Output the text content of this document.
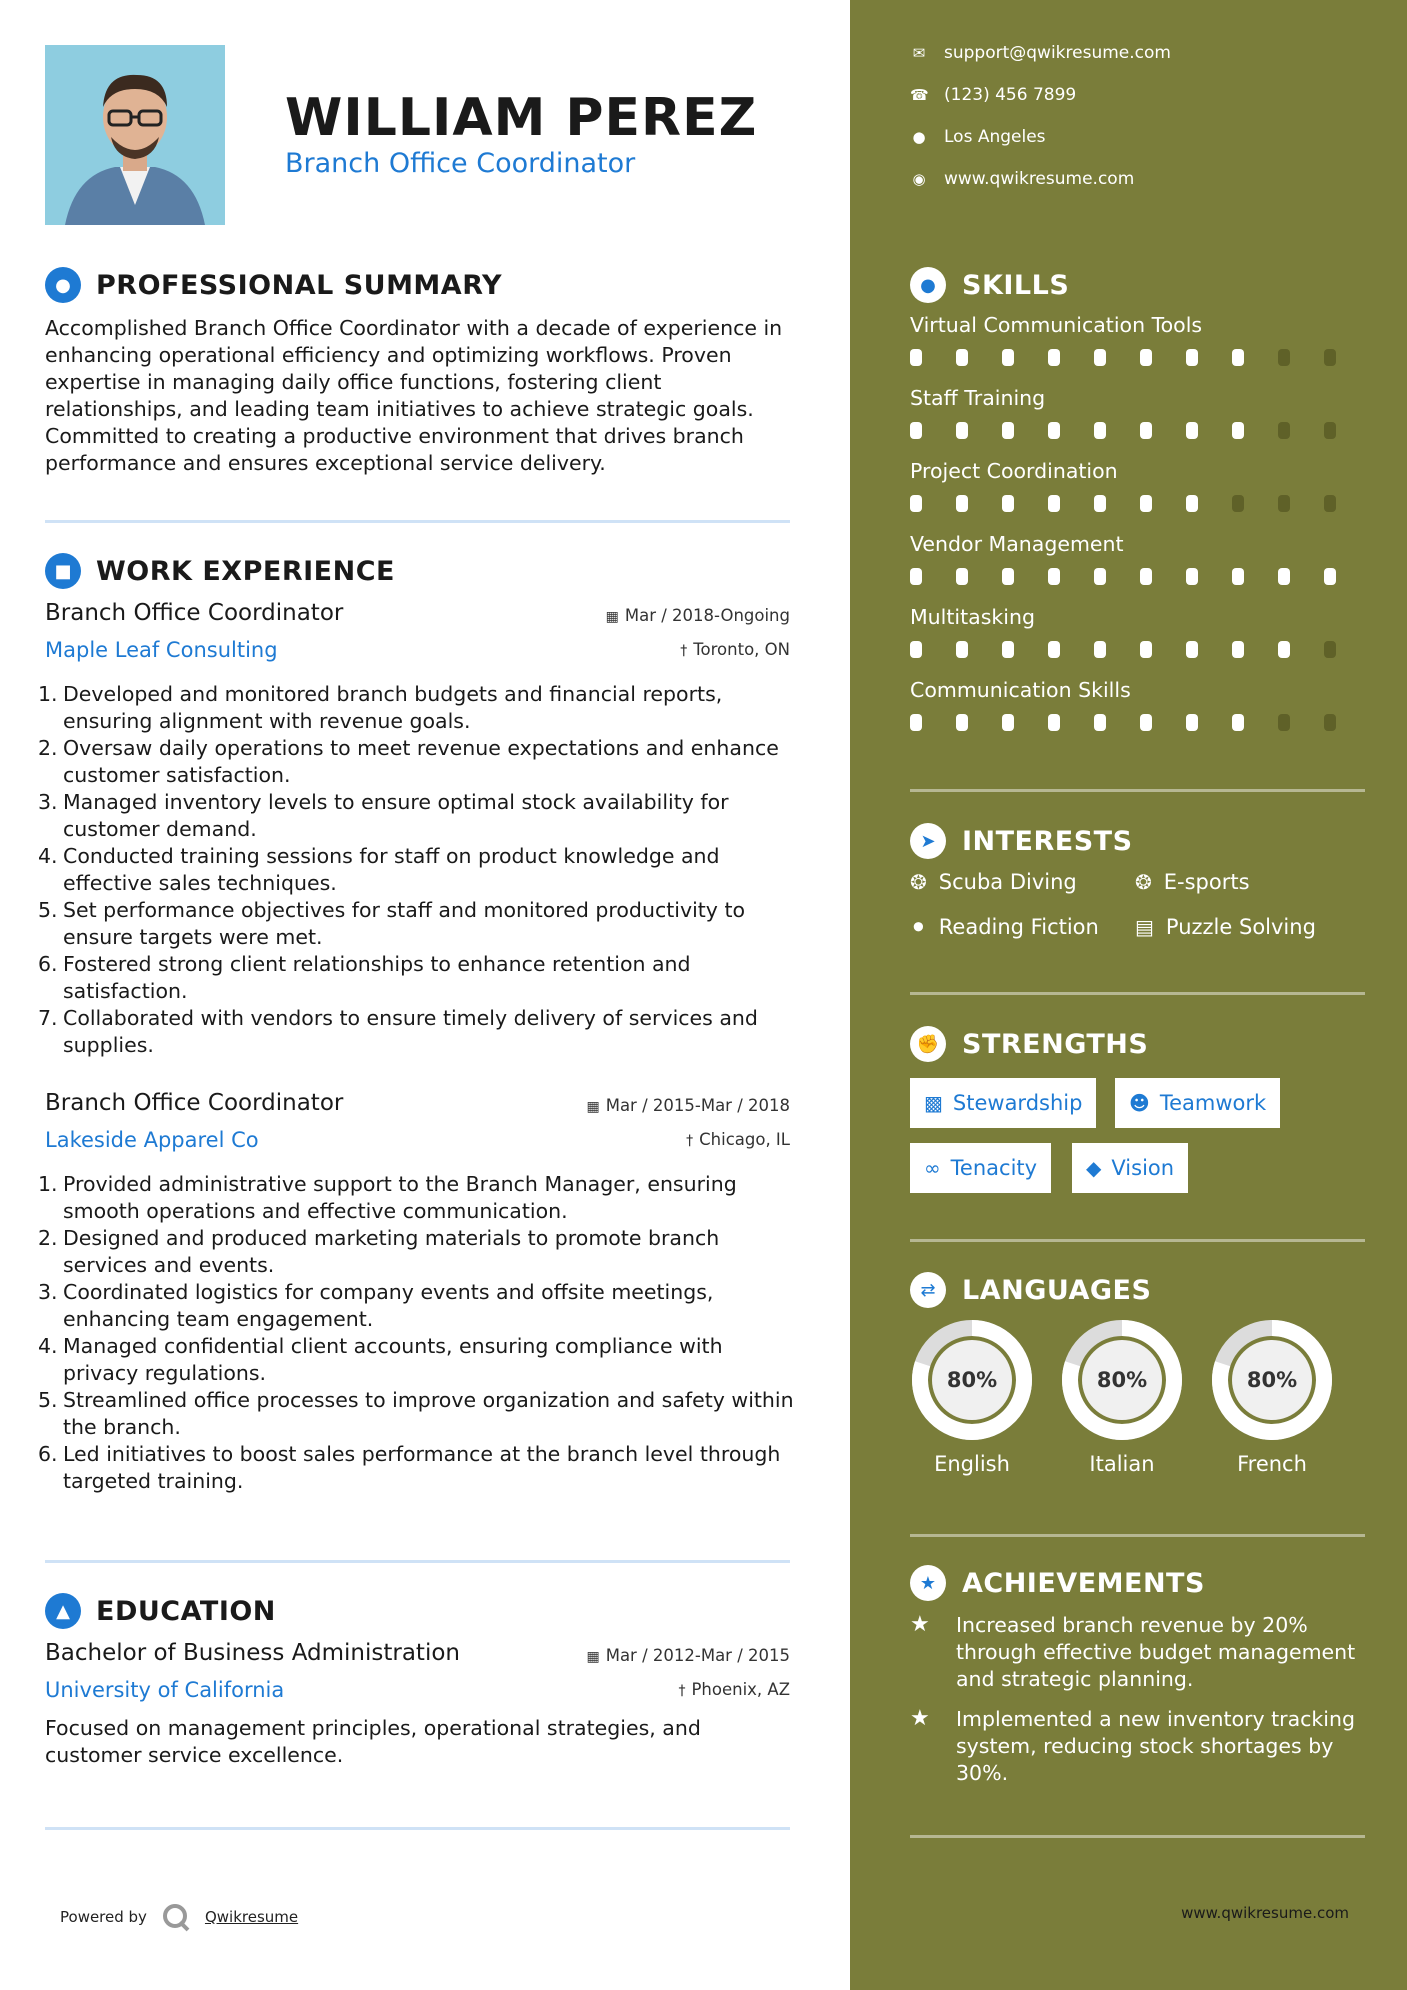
WILLIAM PEREZ
Branch Office Coordinator
● PROFESSIONAL SUMMARY
Accomplished Branch Office Coordinator with a decade of experience in enhancing operational efficiency and optimizing workflows. Proven expertise in managing daily office functions, fostering client relationships, and leading team initiatives to achieve strategic goals. Committed to creating a productive environment that drives branch performance and ensures exceptional service delivery.
■ WORK EXPERIENCE
Branch Office Coordinator
Maple Leaf Consulting
▦ Mar / 2018-Ongoing
† Toronto, ON
1. Developed and monitored branch budgets and financial reports, ensuring alignment with revenue goals.
2. Oversaw daily operations to meet revenue expectations and enhance customer satisfaction.
3. Managed inventory levels to ensure optimal stock availability for customer demand.
4. Conducted training sessions for staff on product knowledge and effective sales techniques.
5. Set performance objectives for staff and monitored productivity to ensure targets were met.
6. Fostered strong client relationships to enhance retention and satisfaction.
7. Collaborated with vendors to ensure timely delivery of services and supplies.
Branch Office Coordinator
Lakeside Apparel Co
▦ Mar / 2015-Mar / 2018
† Chicago, IL
1. Provided administrative support to the Branch Manager, ensuring smooth operations and effective communication.
2. Designed and produced marketing materials to promote branch services and events.
3. Coordinated logistics for company events and offsite meetings, enhancing team engagement.
4. Managed confidential client accounts, ensuring compliance with privacy regulations.
5. Streamlined office processes to improve organization and safety within the branch.
6. Led initiatives to boost sales performance at the branch level through targeted training.
▲ EDUCATION
Bachelor of Business Administration
University of California
▦ Mar / 2012-Mar / 2015
† Phoenix, AZ
Focused on management principles, operational strategies, and customer service excellence.
Powered by	Qwikresume
✉ support@qwikresume.com
☎ (123) 456 7899
● Los Angeles
◉ www.qwikresume.com
● SKILLS
Virtual Communication Tools
Staff Training
Project Coordination
Vendor Management
Multitasking
Communication Skills
➤ INTERESTS
❂ Scuba Diving	❂ E-sports
⚫ Reading Fiction ▤ Puzzle Solving
✊ STRENGTHS
▩ Stewardship ☻ Teamwork
∞ Tenacity ◆ Vision
⇄ LANGUAGES
80%
English
80%
Italian
80%
French
★ ACHIEVEMENTS
★	Increased branch revenue by 20% through effective budget management and strategic planning.
★	Implemented a new inventory tracking system, reducing stock shortages by 30%.
www.qwikresume.com
